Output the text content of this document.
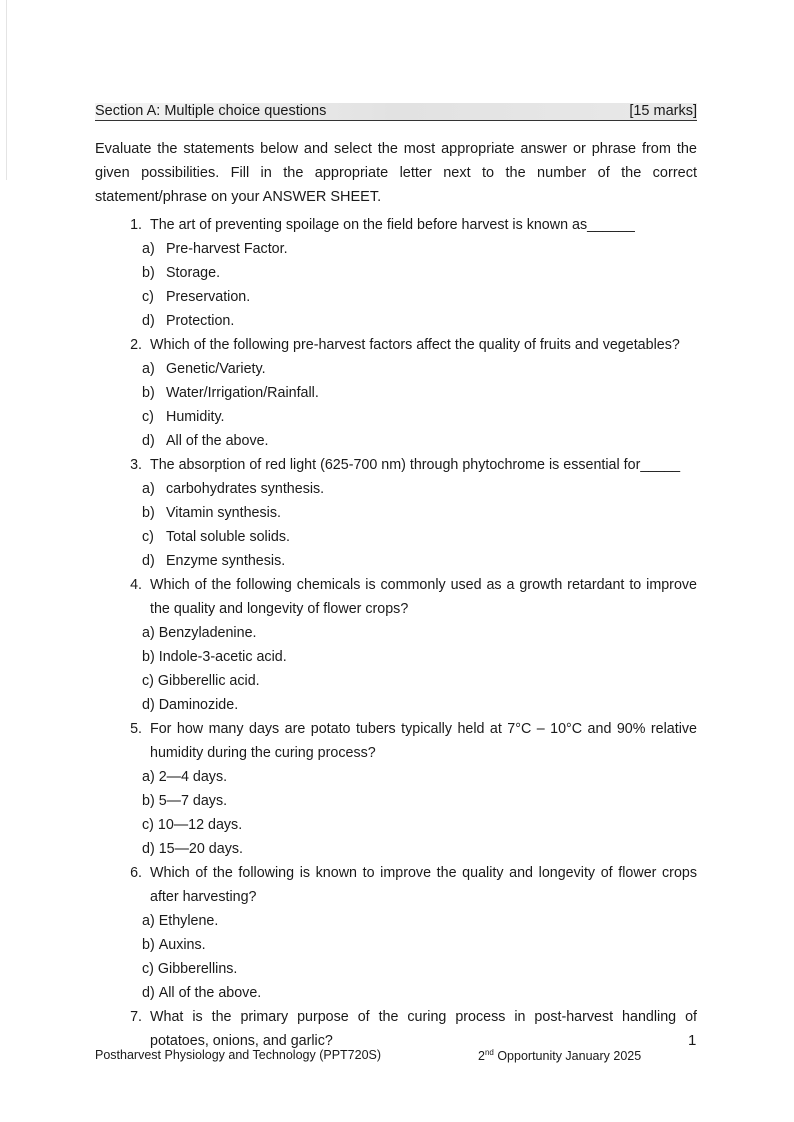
Section A: Multiple choice questions	[15 marks]
Evaluate the statements below and select the most appropriate answer or phrase from the given possibilities. Fill in the appropriate letter next to the number of the correct statement/phrase on your ANSWER SHEET.
1. The art of preventing spoilage on the field before harvest is known as______
a) Pre-harvest Factor.
b) Storage.
c) Preservation.
d) Protection.
2. Which of the following pre-harvest factors affect the quality of fruits and vegetables?
a) Genetic/Variety.
b) Water/Irrigation/Rainfall.
c) Humidity.
d) All of the above.
3. The absorption of red light (625-700 nm) through phytochrome is essential for_____
a) carbohydrates synthesis.
b) Vitamin synthesis.
c) Total soluble solids.
d) Enzyme synthesis.
4. Which of the following chemicals is commonly used as a growth retardant to improve the quality and longevity of flower crops?
a) Benzyladenine.
b) Indole-3-acetic acid.
c) Gibberellic acid.
d) Daminozide.
5. For how many days are potato tubers typically held at 7°C – 10°C and 90% relative humidity during the curing process?
a) 2—4 days.
b) 5—7 days.
c) 10—12 days.
d) 15—20 days.
6. Which of the following is known to improve the quality and longevity of flower crops after harvesting?
a) Ethylene.
b) Auxins.
c) Gibberellins.
d) All of the above.
7. What is the primary purpose of the curing process in post-harvest handling of potatoes, onions, and garlic?	1
Postharvest Physiology and Technology (PPT720S)	2nd Opportunity January 2025
